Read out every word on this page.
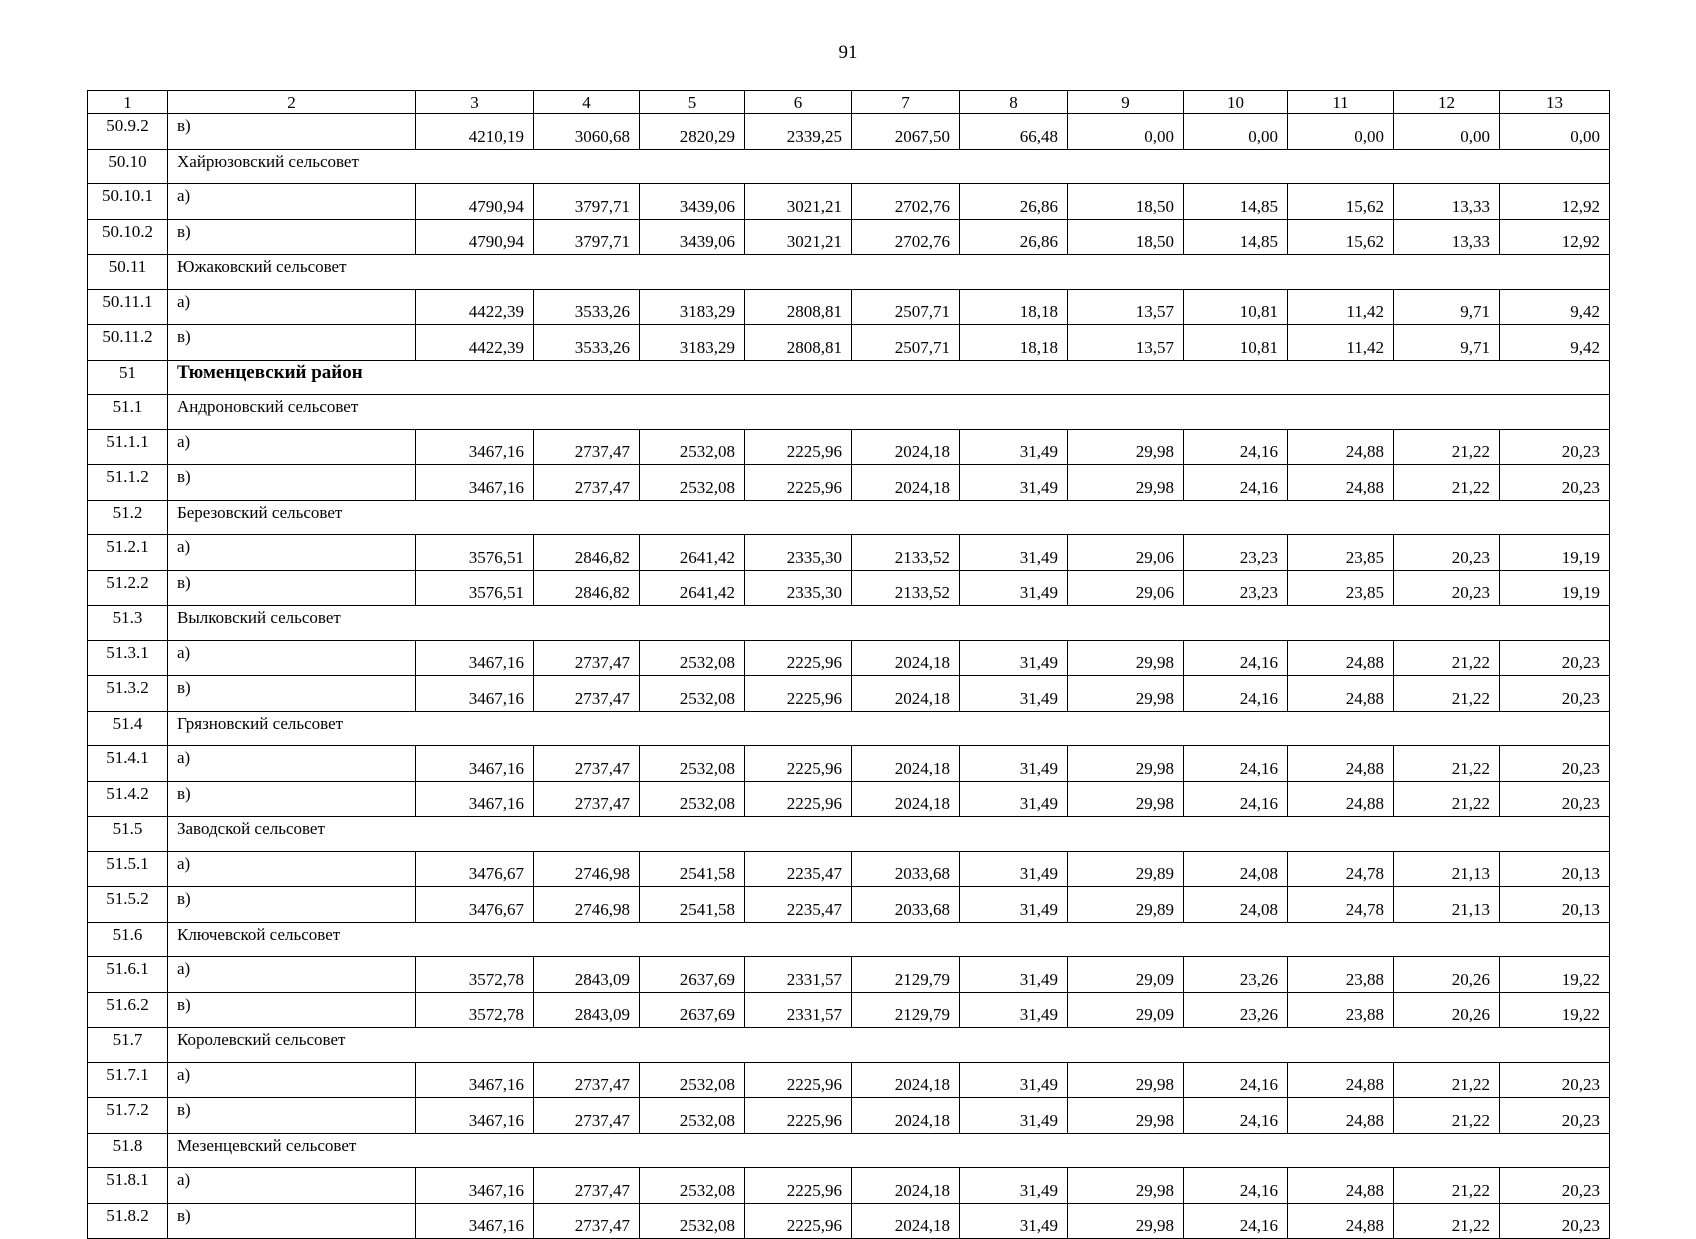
91
1	2	3	4	5	6	7	8	9	10	11	12	13
50.9.2	в)	4210,19	3060,68	2820,29	2339,25	2067,50	66,48	0,00	0,00	0,00	0,00	0,00
50.10	Хайрюзовский сельсовет											
50.10.1	а)	4790,94	3797,71	3439,06	3021,21	2702,76	26,86	18,50	14,85	15,62	13,33	12,92
50.10.2	в)	4790,94	3797,71	3439,06	3021,21	2702,76	26,86	18,50	14,85	15,62	13,33	12,92
50.11	Южаковский сельсовет											
50.11.1	а)	4422,39	3533,26	3183,29	2808,81	2507,71	18,18	13,57	10,81	11,42	9,71	9,42
50.11.2	в)	4422,39	3533,26	3183,29	2808,81	2507,71	18,18	13,57	10,81	11,42	9,71	9,42
51	Тюменцевский район											
51.1	Андроновский сельсовет											
51.1.1	а)	3467,16	2737,47	2532,08	2225,96	2024,18	31,49	29,98	24,16	24,88	21,22	20,23
51.1.2	в)	3467,16	2737,47	2532,08	2225,96	2024,18	31,49	29,98	24,16	24,88	21,22	20,23
51.2	Березовский сельсовет											
51.2.1	а)	3576,51	2846,82	2641,42	2335,30	2133,52	31,49	29,06	23,23	23,85	20,23	19,19
51.2.2	в)	3576,51	2846,82	2641,42	2335,30	2133,52	31,49	29,06	23,23	23,85	20,23	19,19
51.3	Вылковский сельсовет											
51.3.1	а)	3467,16	2737,47	2532,08	2225,96	2024,18	31,49	29,98	24,16	24,88	21,22	20,23
51.3.2	в)	3467,16	2737,47	2532,08	2225,96	2024,18	31,49	29,98	24,16	24,88	21,22	20,23
51.4	Грязновский сельсовет											
51.4.1	а)	3467,16	2737,47	2532,08	2225,96	2024,18	31,49	29,98	24,16	24,88	21,22	20,23
51.4.2	в)	3467,16	2737,47	2532,08	2225,96	2024,18	31,49	29,98	24,16	24,88	21,22	20,23
51.5	Заводской сельсовет											
51.5.1	а)	3476,67	2746,98	2541,58	2235,47	2033,68	31,49	29,89	24,08	24,78	21,13	20,13
51.5.2	в)	3476,67	2746,98	2541,58	2235,47	2033,68	31,49	29,89	24,08	24,78	21,13	20,13
51.6	Ключевской сельсовет											
51.6.1	а)	3572,78	2843,09	2637,69	2331,57	2129,79	31,49	29,09	23,26	23,88	20,26	19,22
51.6.2	в)	3572,78	2843,09	2637,69	2331,57	2129,79	31,49	29,09	23,26	23,88	20,26	19,22
51.7	Королевский сельсовет											
51.7.1	а)	3467,16	2737,47	2532,08	2225,96	2024,18	31,49	29,98	24,16	24,88	21,22	20,23
51.7.2	в)	3467,16	2737,47	2532,08	2225,96	2024,18	31,49	29,98	24,16	24,88	21,22	20,23
51.8	Мезенцевский сельсовет											
51.8.1	а)	3467,16	2737,47	2532,08	2225,96	2024,18	31,49	29,98	24,16	24,88	21,22	20,23
51.8.2	в)	3467,16	2737,47	2532,08	2225,96	2024,18	31,49	29,98	24,16	24,88	21,22	20,23
